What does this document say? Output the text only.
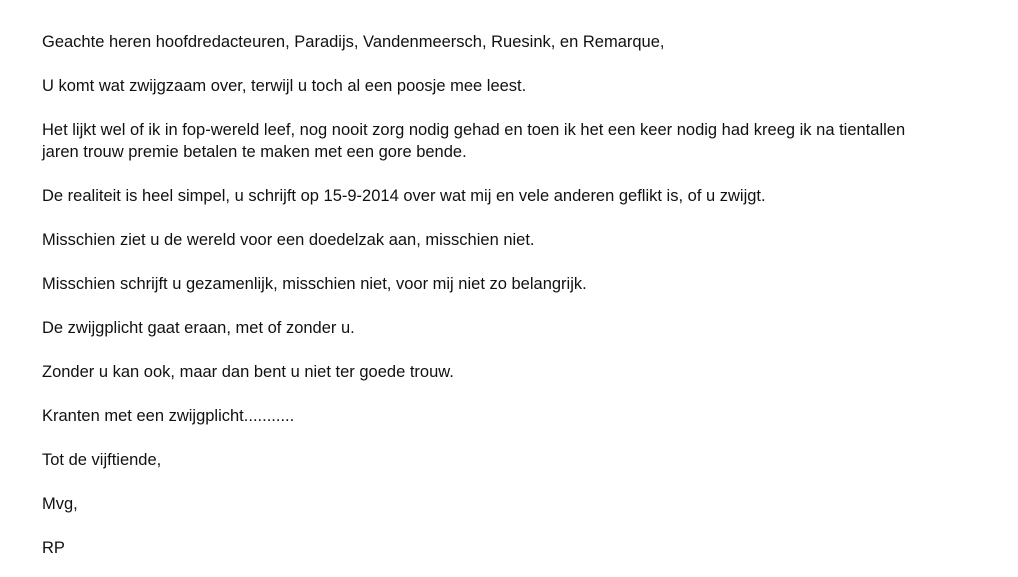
Geachte heren hoofdredacteuren, Paradijs, Vandenmeersch, Ruesink, en Remarque,

U komt wat zwijgzaam over, terwijl u toch al een poosje mee leest.

Het lijkt wel of ik in fop-wereld leef, nog nooit zorg nodig gehad en toen ik het een keer nodig had kreeg ik na tientallen jaren trouw premie betalen te maken met een gore bende.

De realiteit is heel simpel, u schrijft op 15-9-2014 over wat mij en vele anderen geflikt is, of u zwijgt.

Misschien ziet u de wereld voor een doedelzak aan, misschien niet.

Misschien schrijft u gezamenlijk, misschien niet, voor mij niet zo belangrijk.

De zwijgplicht gaat eraan, met of zonder u.

Zonder u kan ook, maar dan bent u niet ter goede trouw.

Kranten met een zwijgplicht...........

Tot de vijftiende,

Mvg,

RP
